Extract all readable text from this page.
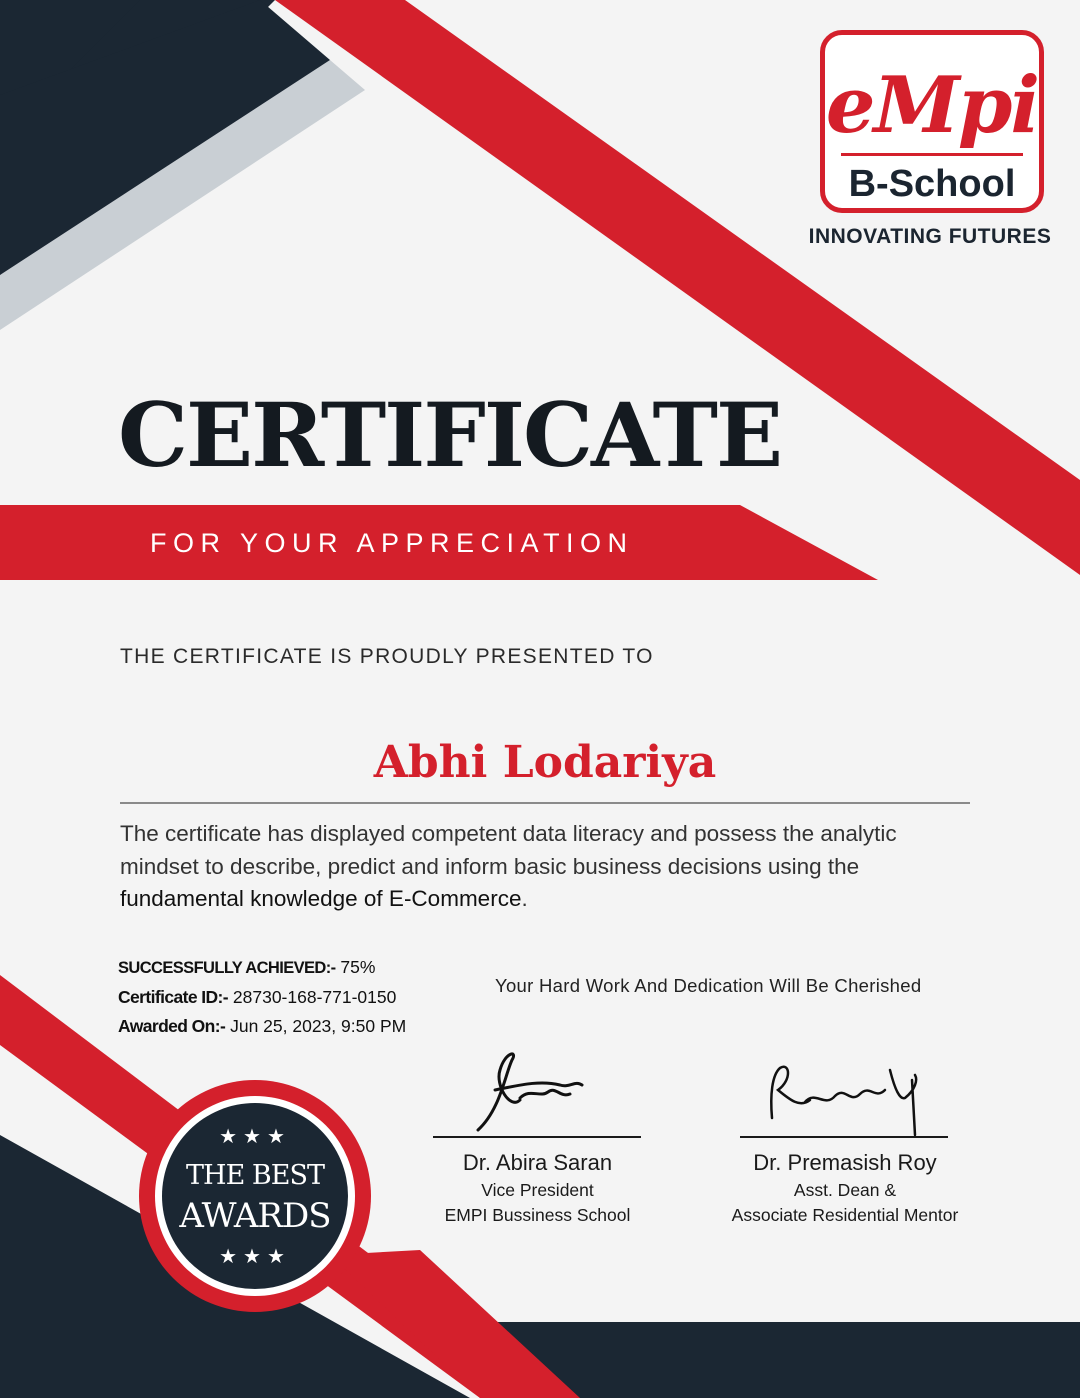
eMpi
B-School
INNOVATING FUTURES
CERTIFICATE
FOR YOUR APPRECIATION
THE CERTIFICATE IS PROUDLY PRESENTED TO
Abhi Lodariya
The certificate has displayed competent data literacy and possess the analytic mindset to describe, predict and inform basic business decisions using the fundamental knowledge of E-Commerce.
SUCCESSFULLY ACHIEVED:- 75%
Certificate ID:- 28730-168-771-0150
Awarded On:- Jun 25, 2023, 9:50 PM
Your Hard Work And Dedication Will Be Cherished
Dr. Abira Saran
Vice President
EMPI Bussiness School
Dr. Premasish Roy
Asst. Dean &
Associate Residential Mentor
★★★
THE BEST
AWARDS
★★★
